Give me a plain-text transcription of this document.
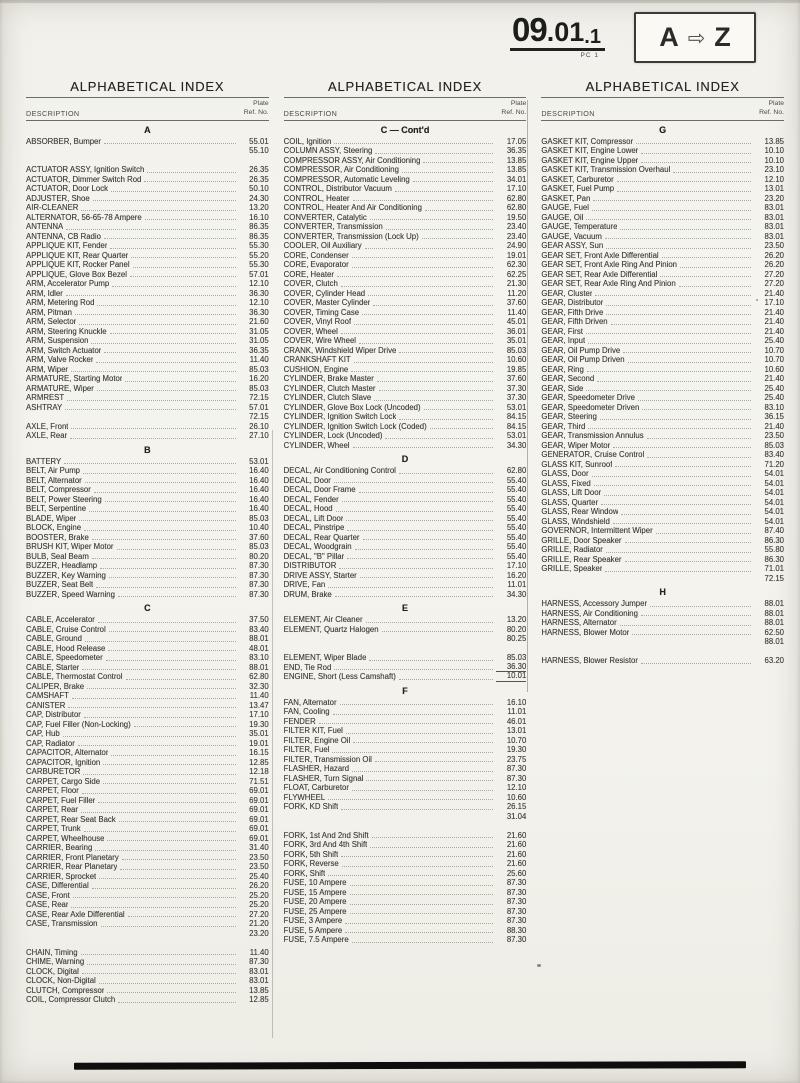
09.01.1
PC 1
A ⇨ Z
ALPHABETICAL INDEX
DESCRIPTION
Plate
Ref. No.
A
ABSORBER, Bumper	55.01
55.10
ACTUATOR ASSY, Ignition Switch	26.35
ACTUATOR, Dimmer Switch Rod	26.35
ACTUATOR, Door Lock	50.10
ADJUSTER, Shoe	24.30
AIR-CLEANER	13.20
ALTERNATOR, 56-65-78 Ampere	16.10
ANTENNA	86.35
ANTENNA, CB Radio	86.35
APPLIQUE KIT, Fender	55.30
APPLIQUE KIT, Rear Quarter	55.20
APPLIQUE KIT, Rocker Panel	55.30
APPLIQUE, Glove Box Bezel	57.01
ARM, Accelerator Pump	12.10
ARM, Idler	36.30
ARM, Metering Rod	12.10
ARM, Pitman	36.30
ARM, Selector	21.60
ARM, Steering Knuckle	31.05
ARM, Suspension	31.05
ARM, Switch Actuator	36.35
ARM, Valve Rocker	11.40
ARM, Wiper	85.03
ARMATURE, Starting Motor	16.20
ARMATURE, Wiper	85.03
ARMREST	72.15
ASHTRAY	57.01
72.15
AXLE, Front	26.10
AXLE, Rear	27.10
B
BATTERY	53.01
BELT, Air Pump	16.40
BELT, Alternator	16.40
BELT, Compressor	16.40
BELT, Power Steering	16.40
BELT, Serpentine	16.40
BLADE, Wiper	85.03
BLOCK, Engine	10.40
BOOSTER, Brake	37.60
BRUSH KIT, Wiper Motor	85.03
BULB, Seal Beam	80.20
BUZZER, Headlamp	87.30
BUZZER, Key Warning	87.30
BUZZER, Seat Belt	87.30
BUZZER, Speed Warning	87.30
C
CABLE, Accelerator	37.50
CABLE, Cruise Control	83.40
CABLE, Ground	88.01
CABLE, Hood Release	48.01
CABLE, Speedometer	83.10
CABLE, Starter	88.01
CABLE, Thermostat Control	62.80
CALIPER, Brake	32.30
CAMSHAFT	11.40
CANISTER	13.47
CAP, Distributor	17.10
CAP, Fuel Filler (Non-Locking)	19.30
CAP, Hub	35.01
CAP, Radiator	19.01
CAPACITOR, Alternator	16.15
CAPACITOR, Ignition	12.85
CARBURETOR	12.18
CARPET, Cargo Side	71.51
CARPET, Floor	69.01
CARPET, Fuel Filler	69.01
CARPET, Rear	69.01
CARPET, Rear Seat Back	69.01
CARPET, Trunk	69.01
CARPET, Wheelhouse	69.01
CARRIER, Bearing	31.40
CARRIER, Front Planetary	23.50
CARRIER, Rear Planetary	23.50
CARRIER, Sprocket	25.40
CASE, Differential	26.20
CASE, Front	25.20
CASE, Rear	25.20
CASE, Rear Axle Differential	27.20
CASE, Transmission	21.20
23.20
CHAIN, Timing	11.40
CHIME, Warning	87.30
CLOCK, Digital	83.01
CLOCK, Non-Digital	83.01
CLUTCH, Compressor	13.85
COIL, Compressor Clutch	12.85
ALPHABETICAL INDEX
DESCRIPTION
Plate
Ref. No.
C — Cont'd
COIL, Ignition	17.05
COLUMN ASSY, Steering	36.35
COMPRESSOR ASSY, Air Conditioning	13.85
COMPRESSOR, Air Conditioning	13.85
COMPRESSOR, Automatic Leveling	34.01
CONTROL, Distributor Vacuum	17.10
CONTROL, Heater	62.80
CONTROL, Heater And Air Conditioning	62.80
CONVERTER, Catalytic	19.50
CONVERTER, Transmission	23.40
CONVERTER, Transmission (Lock Up)	23.40
COOLER, Oil Auxiliary	24.90
CORE, Condenser	19.01
CORE, Evaporator	62.30
CORE, Heater	62.25
COVER, Clutch	21.30
COVER, Cylinder Head	11.20
COVER, Master Cylinder	37.60
COVER, Timing Case	11.40
COVER, Vinyl Roof	45.01
COVER, Wheel	36.01
COVER, Wire Wheel	35.01
CRANK, Windshield Wiper Drive	85.03
CRANKSHAFT KIT	10.60
CUSHION, Engine	19.85
CYLINDER, Brake Master	37.60
CYLINDER, Clutch Master	37.30
CYLINDER, Clutch Slave	37.30
CYLINDER, Glove Box Lock (Uncoded)	53.01
CYLINDER, Ignition Switch Lock	84.15
CYLINDER, Ignition Switch Lock (Coded)	84.15
CYLINDER, Lock (Uncoded)	53.01
CYLINDER, Wheel	34.30
D
DECAL, Air Conditioning Control	62.80
DECAL, Door	55.40
DECAL, Door Frame	55.40
DECAL, Fender	55.40
DECAL, Hood	55.40
DECAL, Lift Door	55.40
DECAL, Pinstripe	55.40
DECAL, Rear Quarter	55.40
DECAL, Woodgrain	55.40
DECAL, "B" Pillar	55.40
DISTRIBUTOR	17.10
DRIVE ASSY, Starter	16.20
DRIVE, Fan	11.01
DRUM, Brake	34.30
E
ELEMENT, Air Cleaner	13.20
ELEMENT, Quartz Halogen	80.20
80.25
ELEMENT, Wiper Blade	85.03
END, Tie Rod	36.30
ENGINE, Short (Less Camshaft)	10.01
F
FAN, Alternator	16.10
FAN, Cooling	11.01
FENDER	46.01
FILTER KIT, Fuel	13.01
FILTER, Engine Oil	10.70
FILTER, Fuel	19.30
FILTER, Transmission Oil	23.75
FLASHER, Hazard	87.30
FLASHER, Turn Signal	87.30
FLOAT, Carburetor	12.10
FLYWHEEL	10.60
FORK, KD Shift	26.15
31.04
FORK, 1st And 2nd Shift	21.60
FORK, 3rd And 4th Shift	21.60
FORK, 5th Shift	21.60
FORK, Reverse	21.60
FORK, Shift	25.60
FUSE, 10 Ampere	87.30
FUSE, 15 Ampere	87.30
FUSE, 20 Ampere	87.30
FUSE, 25 Ampere	87.30
FUSE, 3 Ampere	87.30
FUSE, 5 Ampere	88.30
FUSE, 7.5 Ampere	87.30
ALPHABETICAL INDEX
DESCRIPTION
Plate
Ref. No.
G
GASKET KIT, Compressor	13.85
GASKET KIT, Engine Lower	10.10
GASKET KIT, Engine Upper	10.10
GASKET KIT, Transmission Overhaul	23.10
GASKET, Carburetor	12.10
GASKET, Fuel Pump	13.01
GASKET, Pan	23.20
GAUGE, Fuel	83.01
GAUGE, Oil	83.01
GAUGE, Temperature	83.01
GAUGE, Vacuum	83.01
GEAR ASSY, Sun	23.50
GEAR SET, Front Axle Differential	26.20
GEAR SET, Front Axle Ring And Pinion	26.20
GEAR SET, Rear Axle Differential	27.20
GEAR SET, Rear Axle Ring And Pinion	27.20
GEAR, Cluster	21.40
GEAR, Distributor	17.10
GEAR, Fifth Drive	21.40
GEAR, Fifth Driven	21.40
GEAR, First	21.40
GEAR, Input	25.40
GEAR, Oil Pump Drive	10.70
GEAR, Oil Pump Driven	10.70
GEAR, Ring	10.60
GEAR, Second	21.40
GEAR, Side	25.40
GEAR, Speedometer Drive	25.40
GEAR, Speedometer Driven	83.10
GEAR, Steering	36.15
GEAR, Third	21.40
GEAR, Transmission Annulus	23.50
GEAR, Wiper Motor	85.03
GENERATOR, Cruise Control	83.40
GLASS KIT, Sunroof	71.20
GLASS, Door	54.01
GLASS, Fixed	54.01
GLASS, Lift Door	54.01
GLASS, Quarter	54.01
GLASS, Rear Window	54.01
GLASS, Windshield	54.01
GOVERNOR, Intermittent Wiper	87.40
GRILLE, Door Speaker	86.30
GRILLE, Radiator	55.80
GRILLE, Rear Speaker	86.30
GRILLE, Speaker	71.01
72.15
H
HARNESS, Accessory Jumper	88.01
HARNESS, Air Conditioning	88.01
HARNESS, Alternator	88.01
HARNESS, Blower Motor	62.50
88.01
HARNESS, Blower Resistor	63.20
